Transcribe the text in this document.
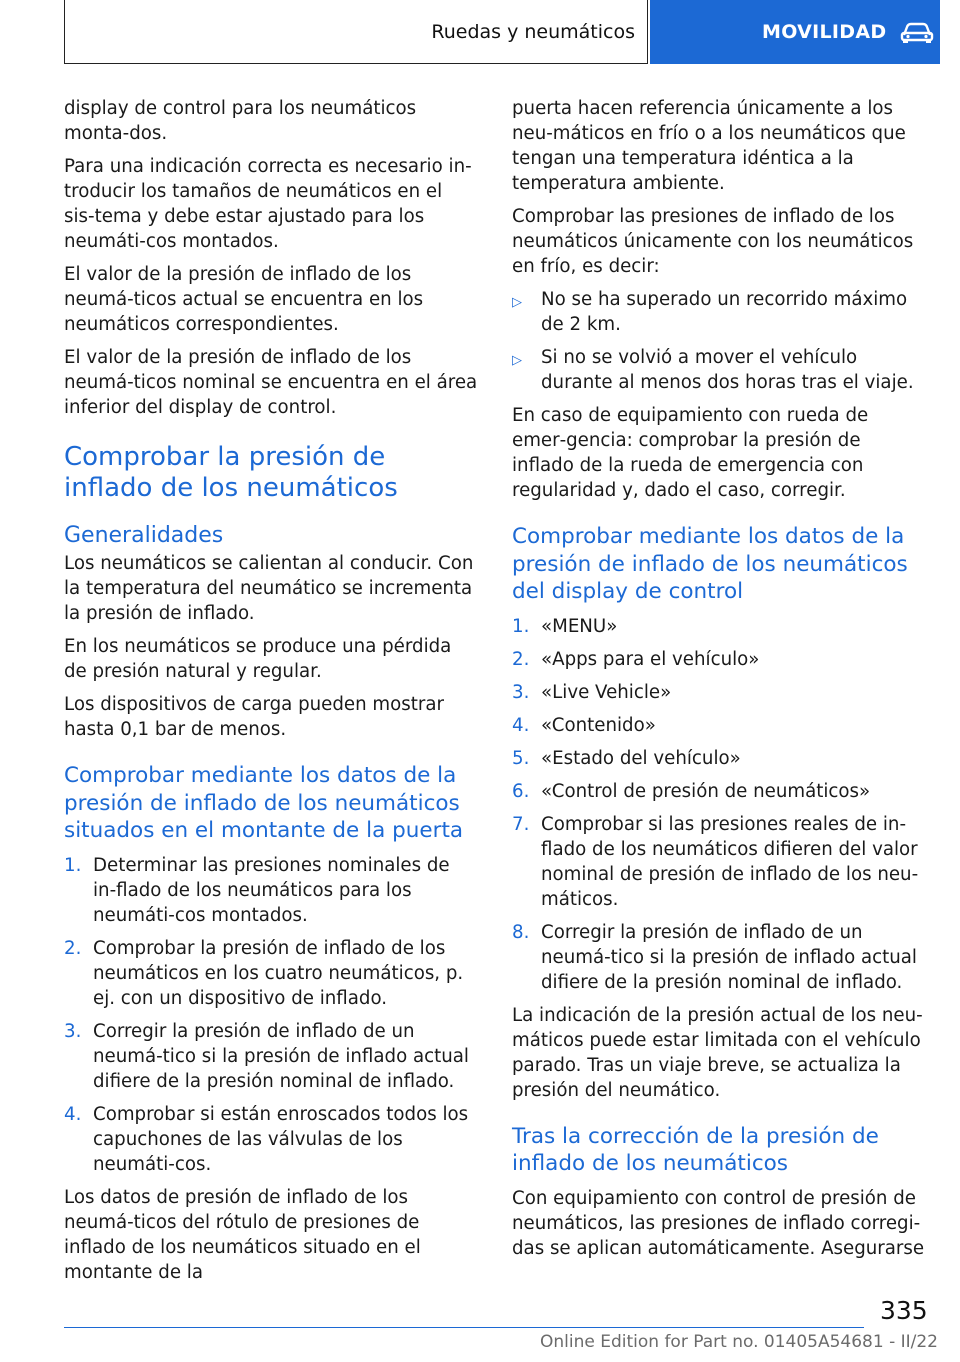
Ruedas y neumáticos	MOVILIDAD

display de control para los neumáticos monta‐dos.

Para una indicación correcta es necesario in‐troducir los tamaños de neumáticos en el sis‐tema y debe estar ajustado para los neumáti‐cos montados.

El valor de la presión de inflado de los neumá‐ticos actual se encuentra en los neumáticos correspondientes.

El valor de la presión de inflado de los neumá‐ticos nominal se encuentra en el área inferior del display de control.

Comprobar la presión de inflado de los neumáticos
Generalidades

Los neumáticos se calientan al conducir. Con la temperatura del neumático se incrementa la presión de inflado.

En los neumáticos se produce una pérdida de presión natural y regular.

Los dispositivos de carga pueden mostrar hasta 0,1 bar de menos.

Comprobar mediante los datos de la presión de inflado de los neumáticos situados en el montante de la puerta
1. Determinar las presiones nominales de in‐flado de los neumáticos para los neumáti‐cos montados.
2. Comprobar la presión de inflado de los neumáticos en los cuatro neumáticos, p. ej. con un dispositivo de inflado.
3. Corregir la presión de inflado de un neumá‐tico si la presión de inflado actual difiere de la presión nominal de inflado.
4. Comprobar si están enroscados todos los capuchones de las válvulas de los neumáti‐cos.

Los datos de presión de inflado de los neumá‐ticos del rótulo de presiones de inflado de los neumáticos situado en el montante de la

puerta hacen referencia únicamente a los neu‐máticos en frío o a los neumáticos que tengan una temperatura idéntica a la temperatura ambiente.

Comprobar las presiones de inflado de los neumáticos únicamente con los neumáticos en frío, es decir:

▷	No se ha superado un recorrido máximo de 2 km.
▷	Si no se volvió a mover el vehículo durante al menos dos horas tras el viaje.

En caso de equipamiento con rueda de emer‐gencia: comprobar la presión de inflado de la rueda de emergencia con regularidad y, dado el caso, corregir.

Comprobar mediante los datos de la presión de inflado de los neumáticos del display de control
1. «MENU»
2. «Apps para el vehículo»
3. «Live Vehicle»
4. «Contenido»
5. «Estado del vehículo»
6. «Control de presión de neumáticos»
7. Comprobar si las presiones reales de in‐flado de los neumáticos difieren del valor nominal de presión de inflado de los neu‐máticos.
8. Corregir la presión de inflado de un neumá‐tico si la presión de inflado actual difiere de la presión nominal de inflado.

La indicación de la presión actual de los neu‐máticos puede estar limitada con el vehículo parado. Tras un viaje breve, se actualiza la presión del neumático.

Tras la corrección de la presión de inflado de los neumáticos

Con equipamiento con control de presión de neumáticos, las presiones de inflado corregi‐das se aplican automáticamente. Asegurarse

335
Online Edition for Part no. 01405A54681 - II/22
